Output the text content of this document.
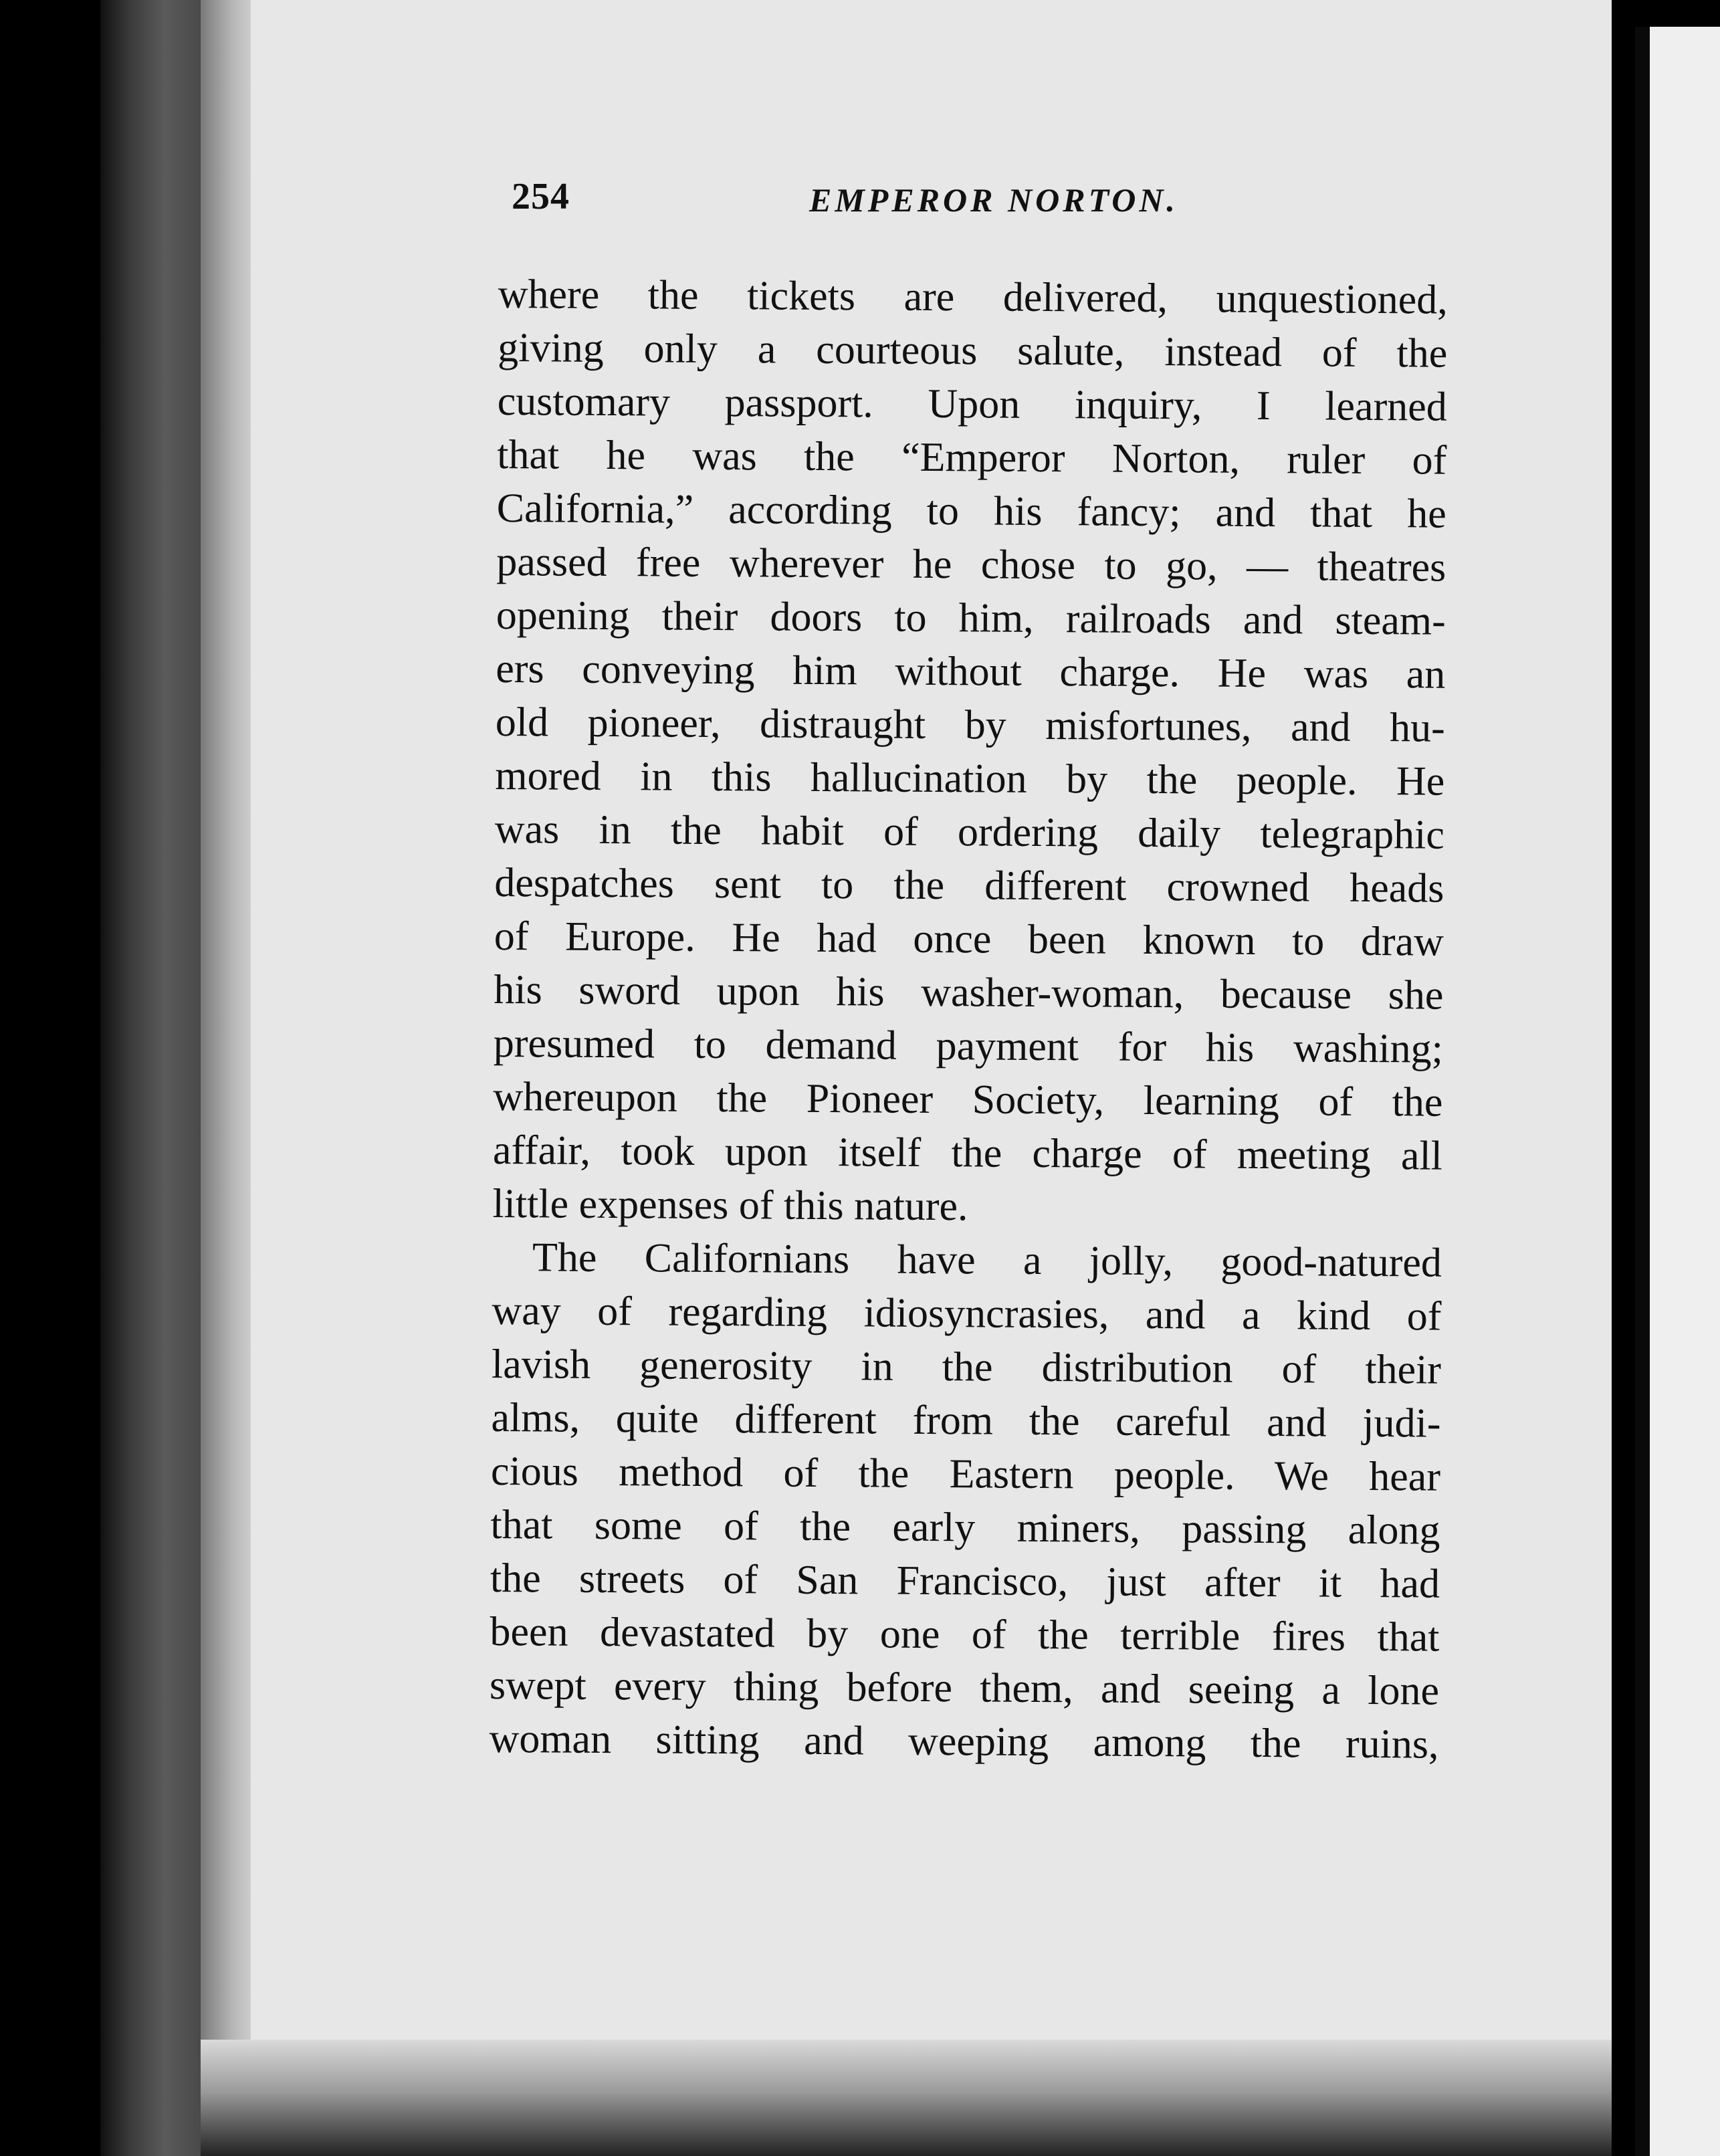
254	EMPEROR NORTON.
where the tickets are delivered, unquestioned,
giving only a courteous salute, instead of the
customary passport. Upon inquiry, I learned
that he was the “Emperor Norton, ruler of
California,” according to his fancy; and that he
passed free wherever he chose to go, — theatres
opening their doors to him, railroads and steam-
ers conveying him without charge. He was an
old pioneer, distraught by misfortunes, and hu-
mored in this hallucination by the people. He
was in the habit of ordering daily telegraphic
despatches sent to the different crowned heads
of Europe. He had once been known to draw
his sword upon his washer-woman, because she
presumed to demand payment for his washing;
whereupon the Pioneer Society, learning of the
affair, took upon itself the charge of meeting all
little expenses of this nature.
The Californians have a jolly, good-natured
way of regarding idiosyncrasies, and a kind of
lavish generosity in the distribution of their
alms, quite different from the careful and judi-
cious method of the Eastern people. We hear
that some of the early miners, passing along
the streets of San Francisco, just after it had
been devastated by one of the terrible fires that
swept every thing before them, and seeing a lone
woman sitting and weeping among the ruins,
